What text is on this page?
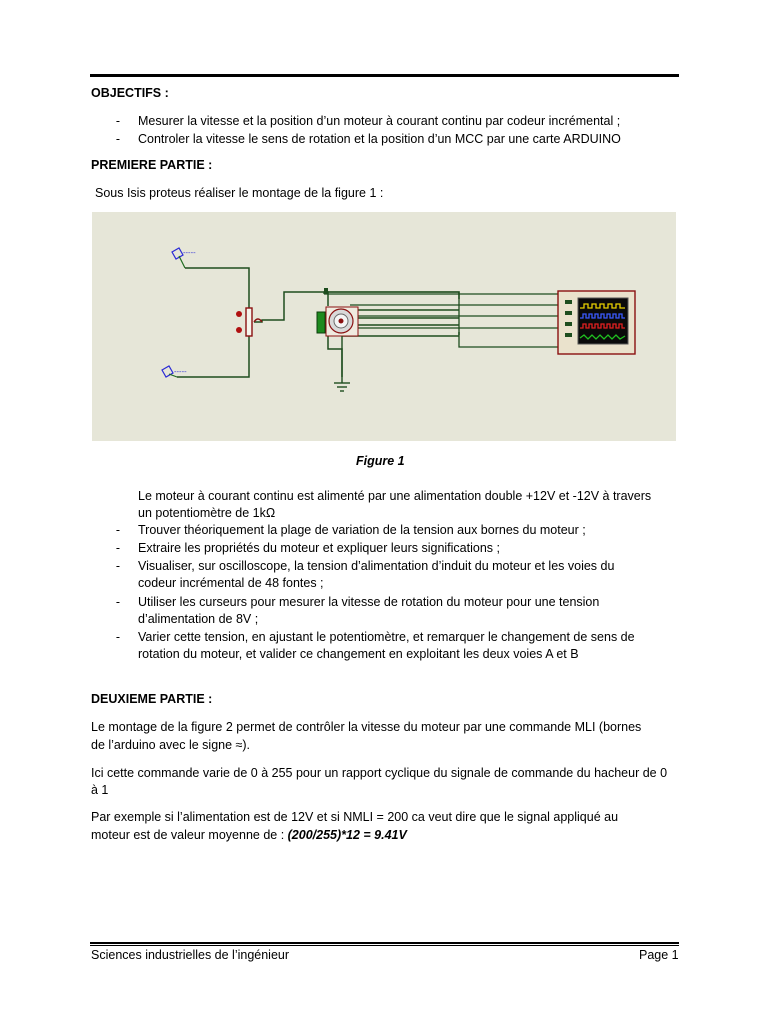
OBJECTIFS :
-	Mesurer la vitesse et la position d’un moteur à courant continu par codeur incrémental ;
-	Controler la vitesse le sens de rotation et la position d’un MCC par une carte ARDUINO
PREMIERE PARTIE :
Sous Isis proteus réaliser le montage de la figure 1 :
-----
-----
Figure 1
Le moteur à courant continu est alimenté par une alimentation double +12V et -12V à travers
un potentiomètre de 1kΩ
-	Trouver théoriquement la plage de variation de la tension aux bornes du moteur ;
-	Extraire les propriétés du moteur et expliquer leurs significations ;
-	Visualiser, sur oscilloscope, la tension d’alimentation d’induit du moteur et les voies du
codeur incrémental de 48 fontes ;
-	Utiliser les curseurs pour mesurer la vitesse de rotation du moteur pour une tension
d’alimentation de 8V ;
-	Varier cette tension, en ajustant le potentiomètre, et remarquer le changement de sens de
rotation du moteur, et valider ce changement en exploitant les deux voies A et B
DEUXIEME PARTIE :
Le montage de la figure 2 permet de contrôler la vitesse du moteur par une commande MLI (bornes
de l’arduino avec le signe ≈).
Ici cette commande varie de 0 à 255 pour un rapport cyclique du signale de commande du hacheur de 0
à 1
Par exemple si l’alimentation est de 12V et si NMLI = 200 ca veut dire que le signal appliqué au
moteur est de valeur moyenne de : (200/255)*12 = 9.41V
Sciences industrielles de l’ingénieur	Page 1
